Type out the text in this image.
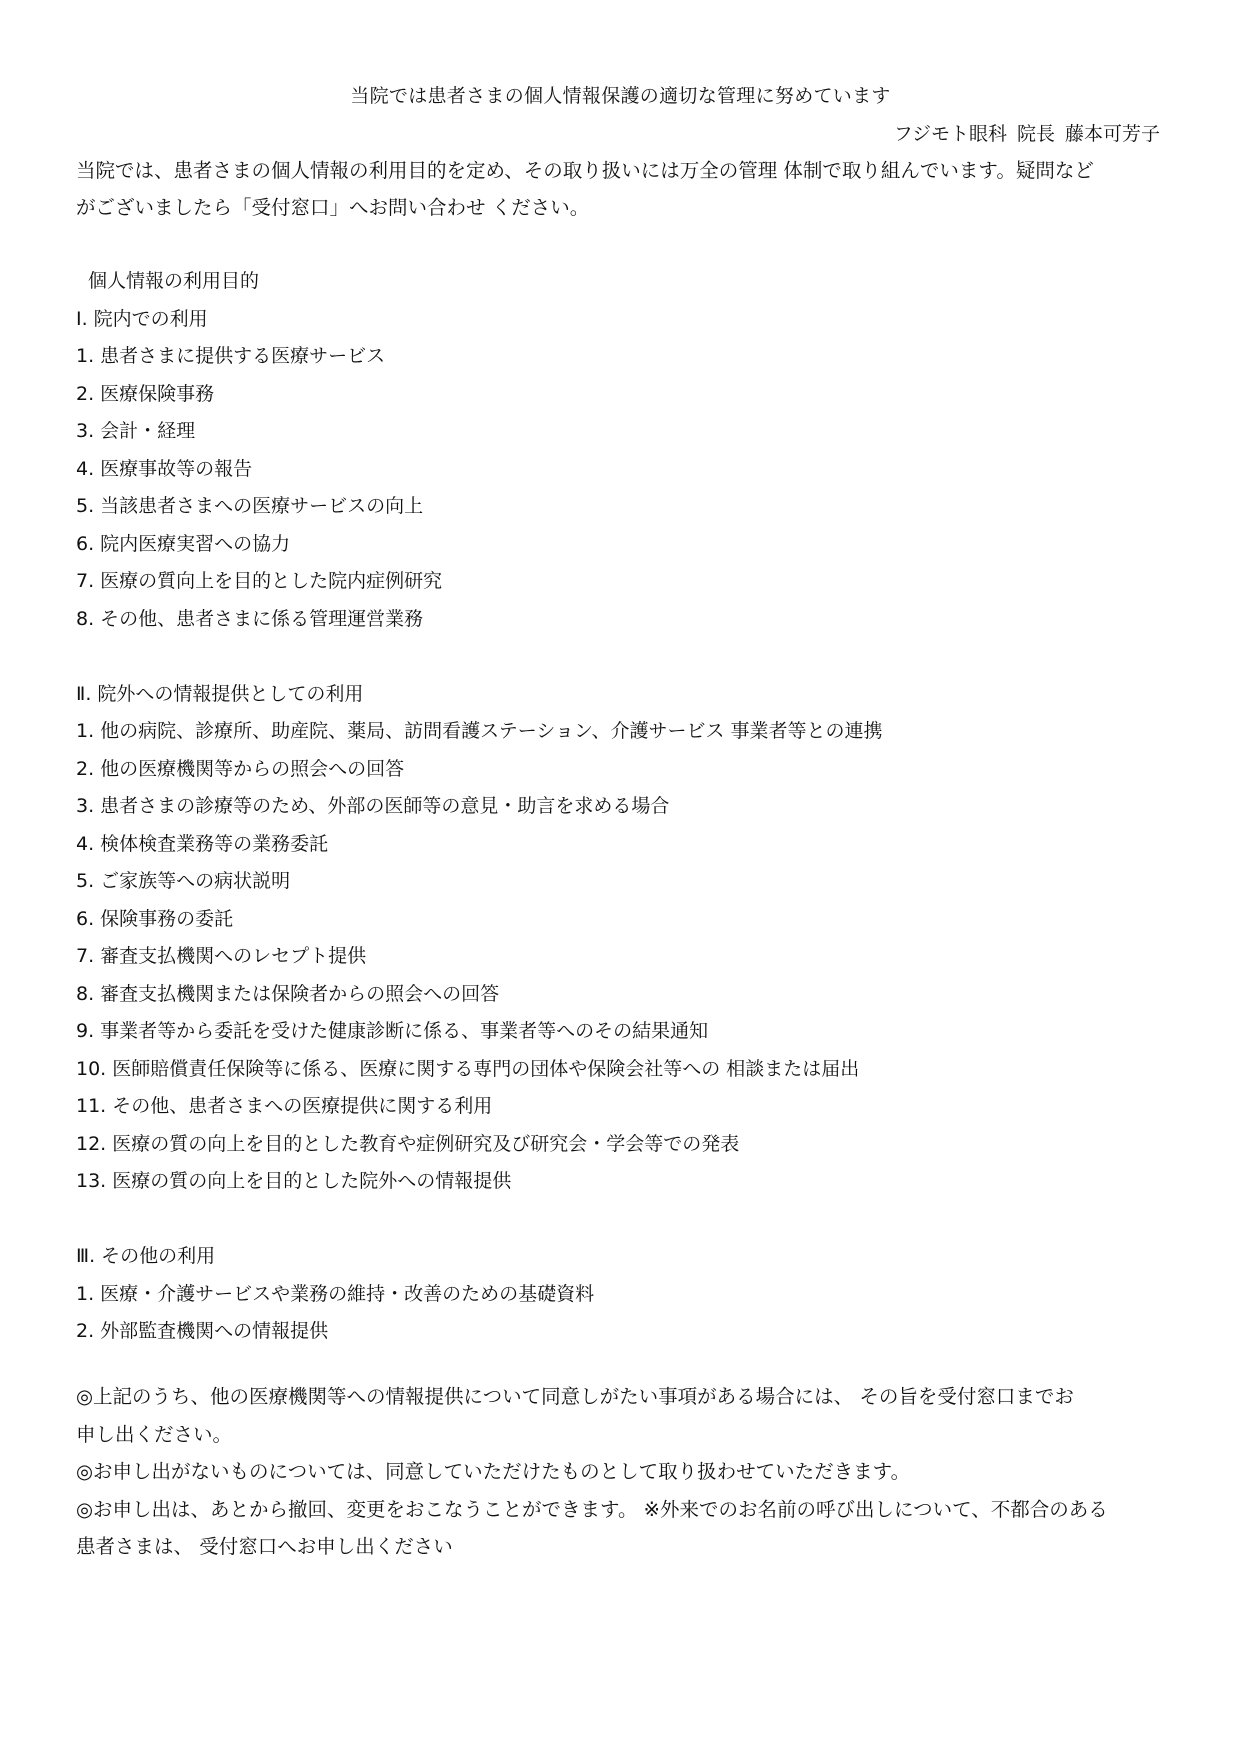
当院では患者さまの個人情報保護の適切な管理に努めています
フジモト眼科 院長 藤本可芳子

当院では、患者さまの個人情報の利用目的を定め、その取り扱いには万全の管理 体制で取り組んでいます。疑問など

がございましたら「受付窓口」へお問い合わせ ください。

個人情報の利用目的
Ⅰ. 院内での利用
1. 患者さまに提供する医療サービス
2. 医療保険事務
3. 会計・経理
4. 医療事故等の報告
5. 当該患者さまへの医療サービスの向上
6. 院内医療実習への協力
7. 医療の質向上を目的とした院内症例研究
8. その他、患者さまに係る管理運営業務
Ⅱ. 院外への情報提供としての利用
1. 他の病院、診療所、助産院、薬局、訪問看護ステーション、介護サービス 事業者等との連携
2. 他の医療機関等からの照会への回答
3. 患者さまの診療等のため、外部の医師等の意見・助言を求める場合
4. 検体検査業務等の業務委託
5. ご家族等への病状説明
6. 保険事務の委託
7. 審査支払機関へのレセプト提供
8. 審査支払機関または保険者からの照会への回答
9. 事業者等から委託を受けた健康診断に係る、事業者等へのその結果通知
10. 医師賠償責任保険等に係る、医療に関する専門の団体や保険会社等への 相談または届出
11. その他、患者さまへの医療提供に関する利用
12. 医療の質の向上を目的とした教育や症例研究及び研究会・学会等での発表
13. 医療の質の向上を目的とした院外への情報提供
Ⅲ. その他の利用
1. 医療・介護サービスや業務の維持・改善のための基礎資料
2. 外部監査機関への情報提供

◎上記のうち、他の医療機関等への情報提供について同意しがたい事項がある場合には、 その旨を受付窓口までお

申し出ください。

◎お申し出がないものについては、同意していただけたものとして取り扱わせていただきます。

◎お申し出は、あとから撤回、変更をおこなうことができます。 ※外来でのお名前の呼び出しについて、不都合のある

患者さまは、 受付窓口へお申し出ください
